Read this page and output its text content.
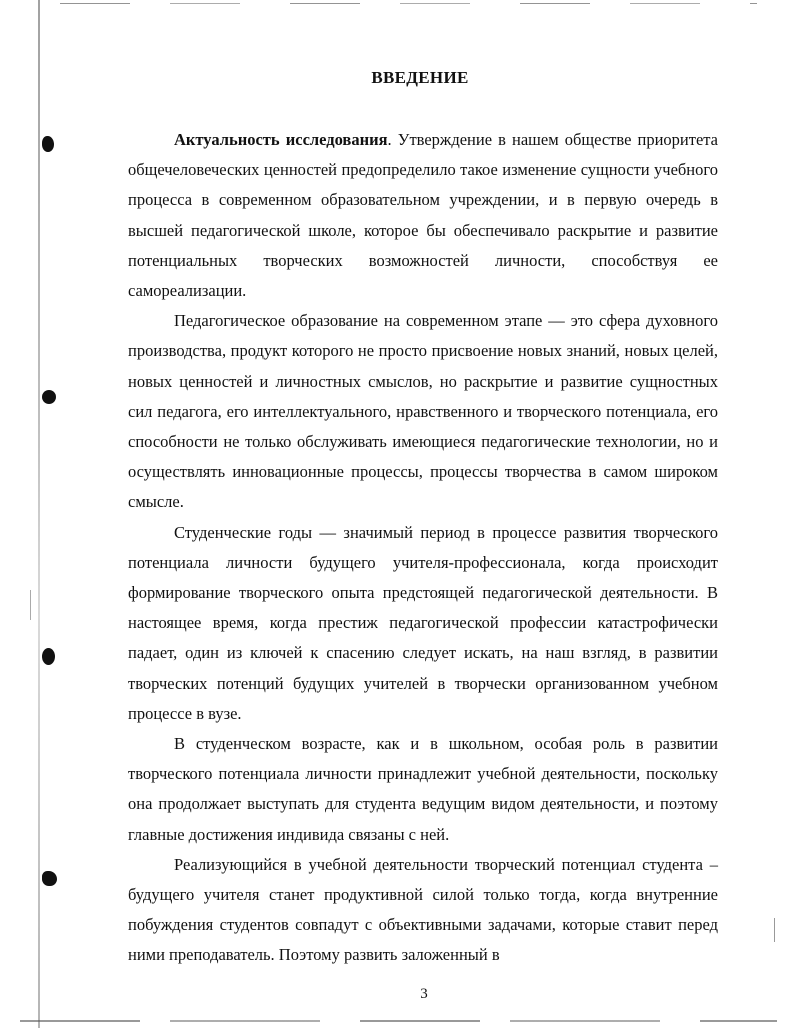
ВВЕДЕНИЕ

Актуальность исследования. Утверждение в нашем обществе приоритета общечеловеческих ценностей предопределило такое изменение сущности учебного процесса в современном образовательном учреждении, и в первую очередь в высшей педагогической школе, которое бы обеспечивало раскрытие и развитие потенциальных творческих возможностей личности, способствуя ее самореализации.

Педагогическое образование на современном этапе — это сфера духовного производства, продукт которого не просто присвоение новых знаний, новых целей, новых ценностей и личностных смыслов, но раскрытие и развитие сущностных сил педагога, его интеллектуального, нравственного и творческого потенциала, его способности не только обслуживать имеющиеся педагогические технологии, но и осуществлять инновационные процессы, процессы творчества в самом широком смысле.

Студенческие годы — значимый период в процессе развития творческого потенциала личности будущего учителя-профессионала, когда происходит формирование творческого опыта предстоящей педагогической деятельности. В настоящее время, когда престиж педагогической профессии катастрофически падает, один из ключей к спасению следует искать, на наш взгляд, в развитии творческих потенций будущих учителей в творчески организованном учебном процессе в вузе.

В студенческом возрасте, как и в школьном, особая роль в развитии творческого потенциала личности принадлежит учебной деятельности, поскольку она продолжает выступать для студента ведущим видом деятельности, и поэтому главные достижения индивида связаны с ней.

Реализующийся в учебной деятельности творческий потенциал студента – будущего учителя станет продуктивной силой только тогда, когда внутренние побуждения студентов совпадут с объективными задачами, которые ставит перед ними преподаватель. Поэтому развить заложенный в

3
